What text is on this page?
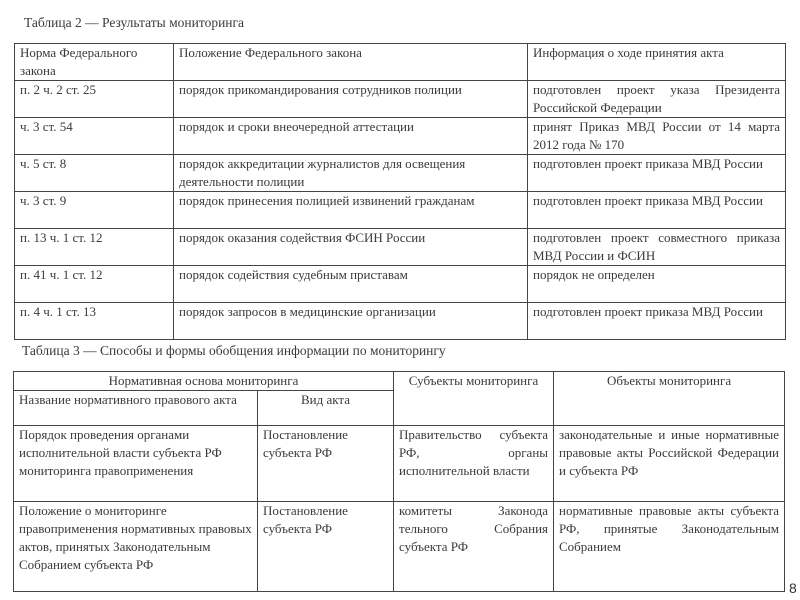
Таблица 2 — Результаты мониторинга
Норма Федерального закона	Положение Федерального закона	Информация о ходе принятия акта
п. 2 ч. 2 ст. 25	порядок прикомандирования сотрудников полиции	подготовлен проект указа Президента Российской Федерации
ч. 3 ст. 54	порядок и сроки внеочередной аттестации	принят Приказ МВД России от 14 марта 2012 года № 170
ч. 5 ст. 8	порядок аккредитации журналистов для освещения деятельности полиции	подготовлен проект приказа МВД России
ч. 3 ст. 9	порядок принесения полицией извинений гражданам	подготовлен проект приказа МВД России
п. 13 ч. 1 ст. 12	порядок оказания содействия ФСИН России	подготовлен проект совместного приказа МВД России и ФСИН
п. 41 ч. 1 ст. 12	порядок содействия судебным приставам	порядок не определен
п. 4 ч. 1 ст. 13	порядок запросов в медицинские организации	подготовлен проект приказа МВД России
Таблица 3 — Способы и формы обобщения информации по мониторингу
Нормативная основа мониторинга		Субъекты мониторинга	Объекты мониторинга
Название нормативного правового акта	Вид акта		
Порядок проведения органами исполнительной власти субъекта РФ мониторинга правоприменения	Постановление субъекта РФ	Правительство субъекта РФ, органы исполнительной власти	законодательные и иные нормативные правовые акты Российской Федерации и субъекта РФ
Положение о мониторинге правоприменения нормативных правовых актов, принятых Законодательным Собранием субъекта РФ	Постановление субъекта РФ	комитеты Законода тельного Собрания субъекта РФ	нормативные правовые акты субъекта РФ, принятые Законодательным Собранием
8
